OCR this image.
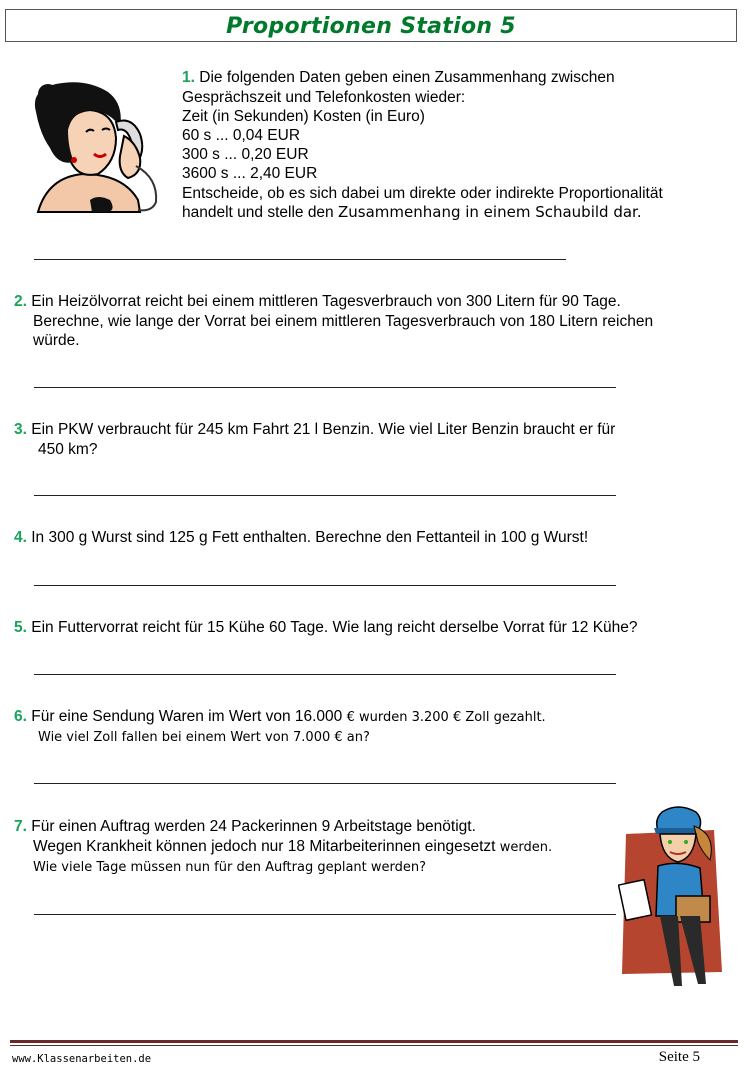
Proportionen Station 5
1. Die folgenden Daten geben einen Zusammenhang zwischen
Gesprächszeit und Telefonkosten wieder:
Zeit (in Sekunden) Kosten (in Euro)
60 s ... 0,04 EUR
300 s ... 0,20 EUR
3600 s ... 2,40 EUR
Entscheide, ob es sich dabei um direkte oder indirekte Proportionalität
handelt und stelle den Zusammenhang in einem Schaubild dar.
2. Ein Heizölvorrat reicht bei einem mittleren Tagesverbrauch von 300 Litern für 90 Tage.
Berechne, wie lange der Vorrat bei einem mittleren Tagesverbrauch von 180 Litern reichen
würde.
3. Ein PKW verbraucht für 245 km Fahrt 21 l Benzin. Wie viel Liter Benzin braucht er für
450 km?
4. In 300 g Wurst sind 125 g Fett enthalten. Berechne den Fettanteil in 100 g Wurst!
5. Ein Futtervorrat reicht für 15 Kühe 60 Tage. Wie lang reicht derselbe Vorrat für 12 Kühe?
6. Für eine Sendung Waren im Wert von 16.000 € wurden 3.200 € Zoll gezahlt.
Wie viel Zoll fallen bei einem Wert von 7.000 € an?
7. Für einen Auftrag werden 24 Packerinnen 9 Arbeitstage benötigt.
Wegen Krankheit können jedoch nur 18 Mitarbeiterinnen eingesetzt werden.
Wie viele Tage müssen nun für den Auftrag geplant werden?
www.Klassenarbeiten.de	Seite 5
